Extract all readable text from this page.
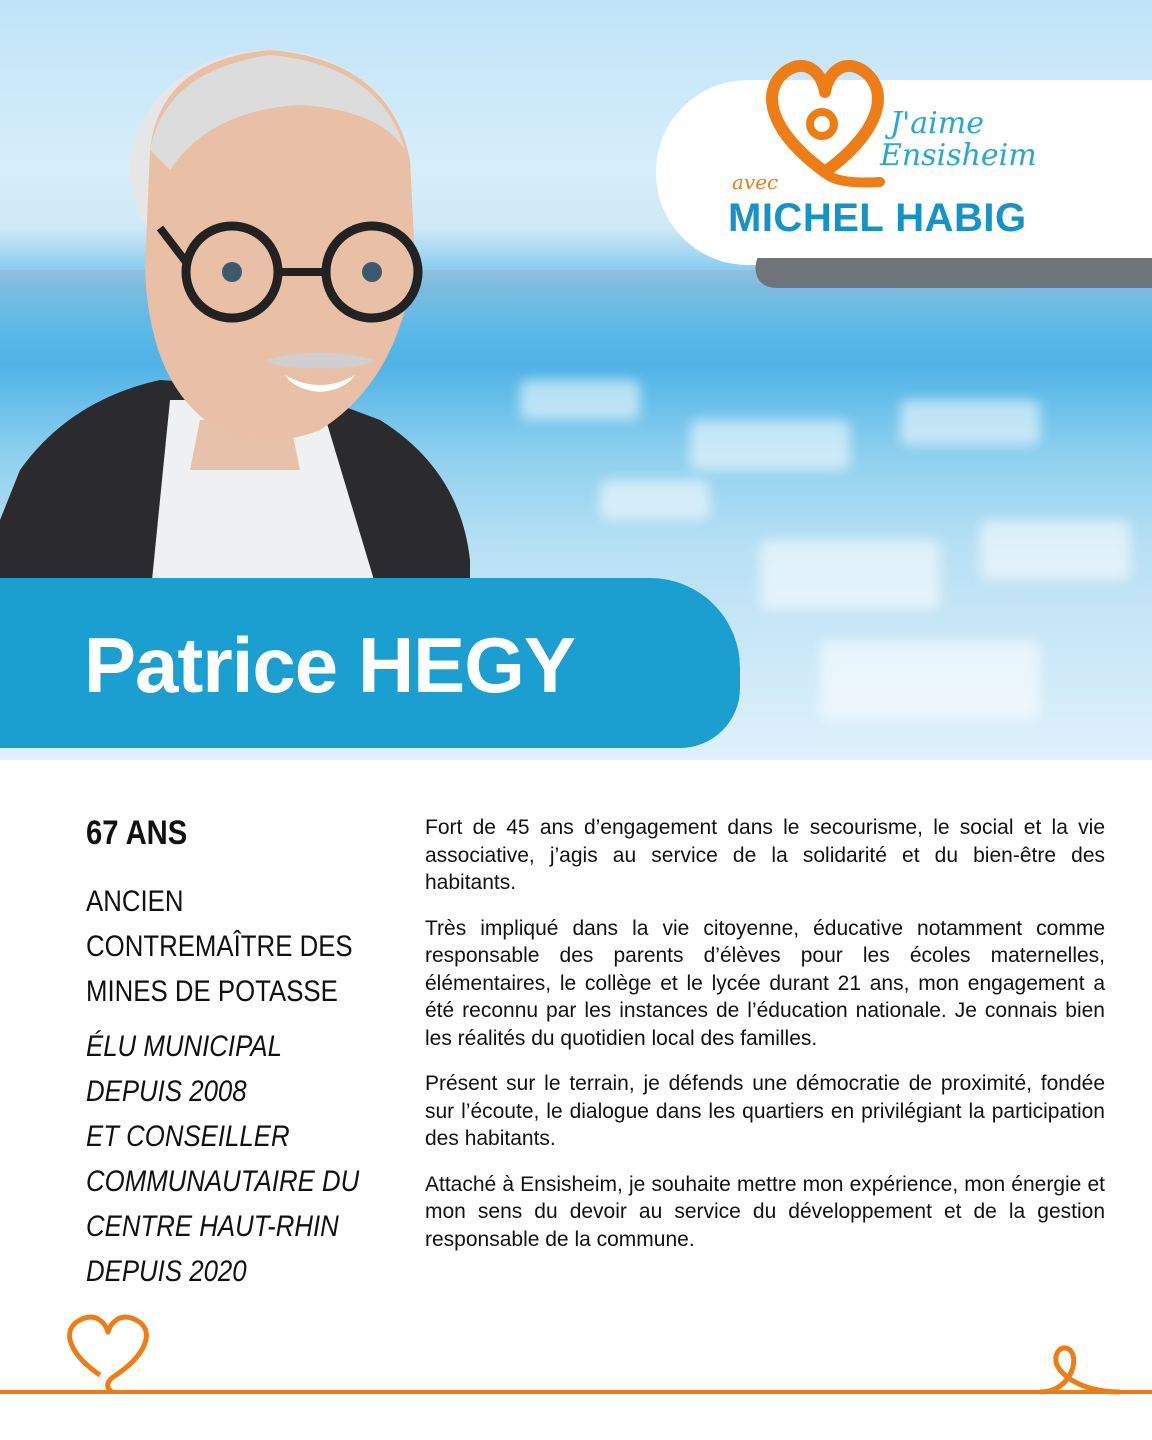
J'aime
Ensisheim
avec
MICHEL HABIG
Patrice HEGY
67 ANS
ANCIEN
CONTREMAÎTRE DES
MINES DE POTASSE
ÉLU MUNICIPAL
DEPUIS 2008
ET CONSEILLER
COMMUNAUTAIRE DU
CENTRE HAUT-RHIN
DEPUIS 2020

Fort de 45 ans d’engagement dans le secourisme, le social et la vie associative, j’agis au service de la solidarité et du bien-être des habitants.

Très impliqué dans la vie citoyenne, éducative notamment comme responsable des parents d’élèves pour les écoles maternelles, élémentaires, le collège et le lycée durant 21 ans, mon engagement a été reconnu par les instances de l’éducation nationale. Je connais bien les réalités du quotidien local des familles.

Présent sur le terrain, je défends une démocratie de proximité, fondée sur l’écoute, le dialogue dans les quartiers en privilégiant la participation des habitants.

Attaché à Ensisheim, je souhaite mettre mon expérience, mon énergie et mon sens du devoir au service du développement et de la gestion responsable de la commune.
